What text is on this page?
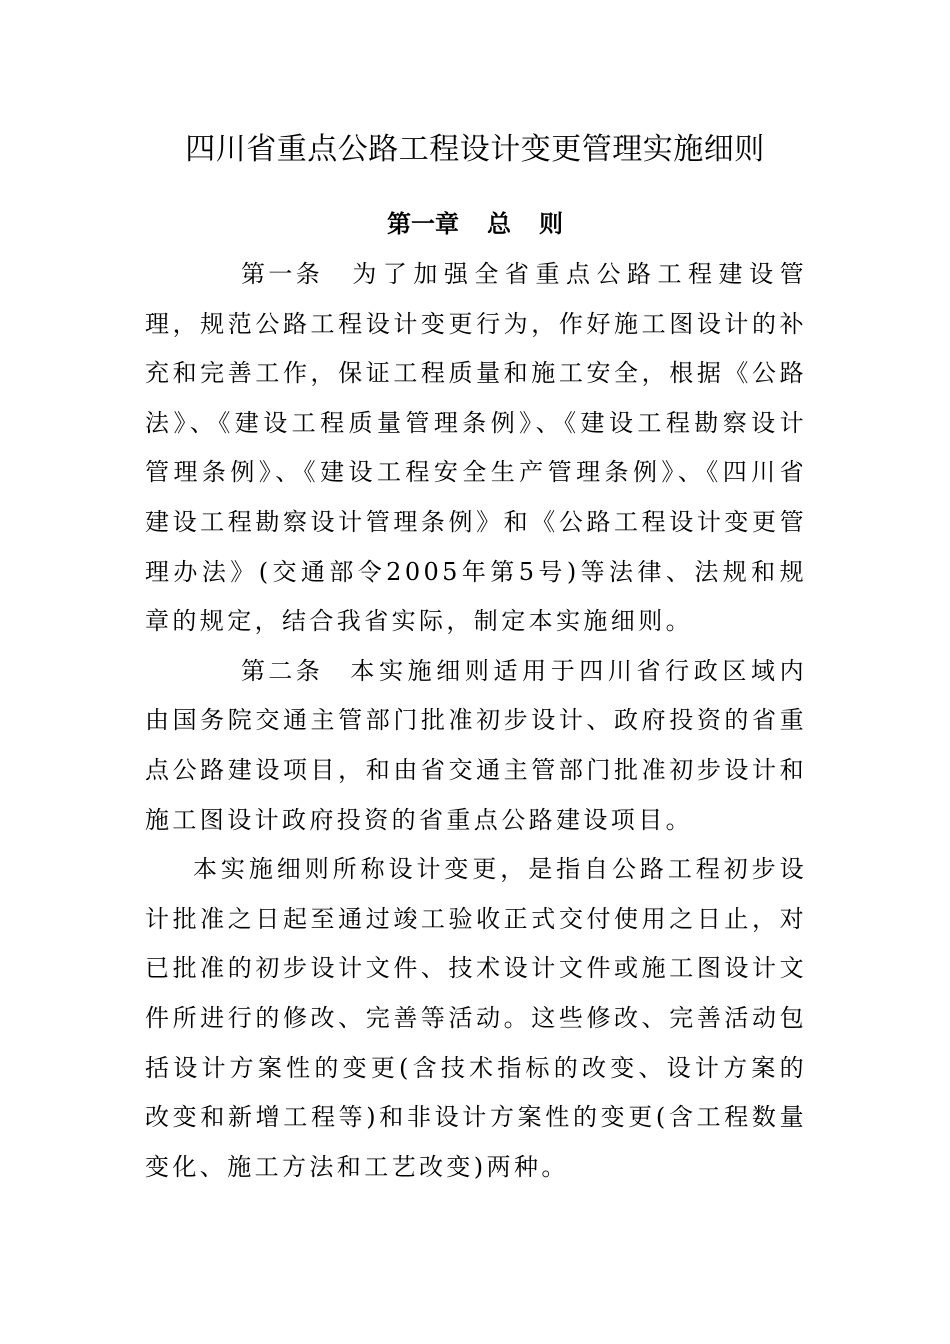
四川省重点公路工程设计变更管理实施细则
第一章 总 则

第一条 为了加强全省重点公路工程建设管理，规范公路工程设计变更行为，作好施工图设计的补充和完善工作，保证工程质量和施工安全，根据《公路法》、《建设工程质量管理条例》、《建设工程勘察设计管理条例》、《建设工程安全生产管理条例》、《四川省建设工程勘察设计管理条例》和《公路工程设计变更管理办法》(交通部令2005年第5号)等法律、法规和规章的规定，结合我省实际，制定本实施细则。

第二条 本实施细则适用于四川省行政区域内由国务院交通主管部门批准初步设计、政府投资的省重点公路建设项目，和由省交通主管部门批准初步设计和施工图设计政府投资的省重点公路建设项目。

本实施细则所称设计变更，是指自公路工程初步设计批准之日起至通过竣工验收正式交付使用之日止，对已批准的初步设计文件、技术设计文件或施工图设计文件所进行的修改、完善等活动。这些修改、完善活动包括设计方案性的变更(含技术指标的改变、设计方案的改变和新增工程等)和非设计方案性的变更(含工程数量变化、施工方法和工艺改变)两种。
